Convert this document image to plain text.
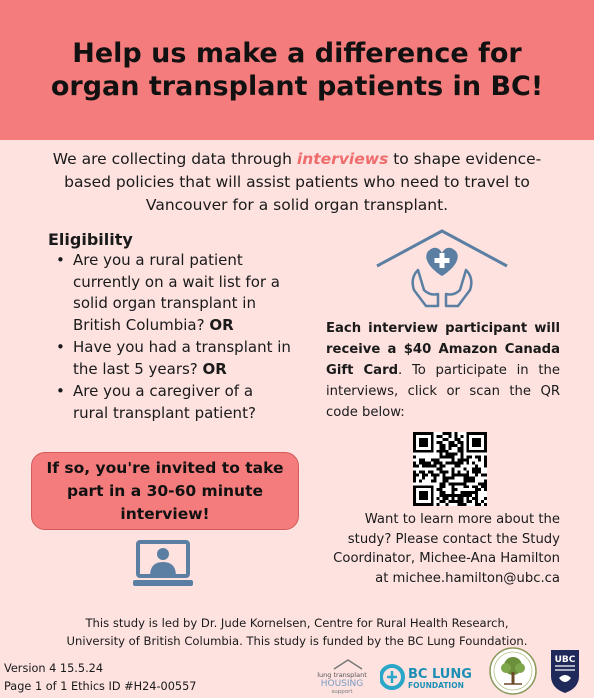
Help us make a difference for organ transplant patients in BC!
We are collecting data through interviews to shape evidence-based policies that will assist patients who need to travel to Vancouver for a solid organ transplant.
Eligibility
• Are you a rural patient currently on a wait list for a solid organ transplant in British Columbia? OR
• Have you had a transplant in the last 5 years? OR
• Are you a caregiver of a rural transplant patient?
If so, you're invited to take part in a 30-60 minute interview!
Each interview participant will receive a $40 Amazon Canada Gift Card. To participate in the interviews, click or scan the QR code below:
Want to learn more about the
study? Please contact the Study
Coordinator, Michee-Ana Hamilton
at michee.hamilton@ubc.ca
This study is led by Dr. Jude Kornelsen, Centre for Rural Health Research,
University of British Columbia. This study is funded by the BC Lung Foundation.
Version 4 15.5.24
Page 1 of 1 Ethics ID #H24-00557
lung transplant
HOUSING
support
BC LUNG
FOUNDATION
UBC
